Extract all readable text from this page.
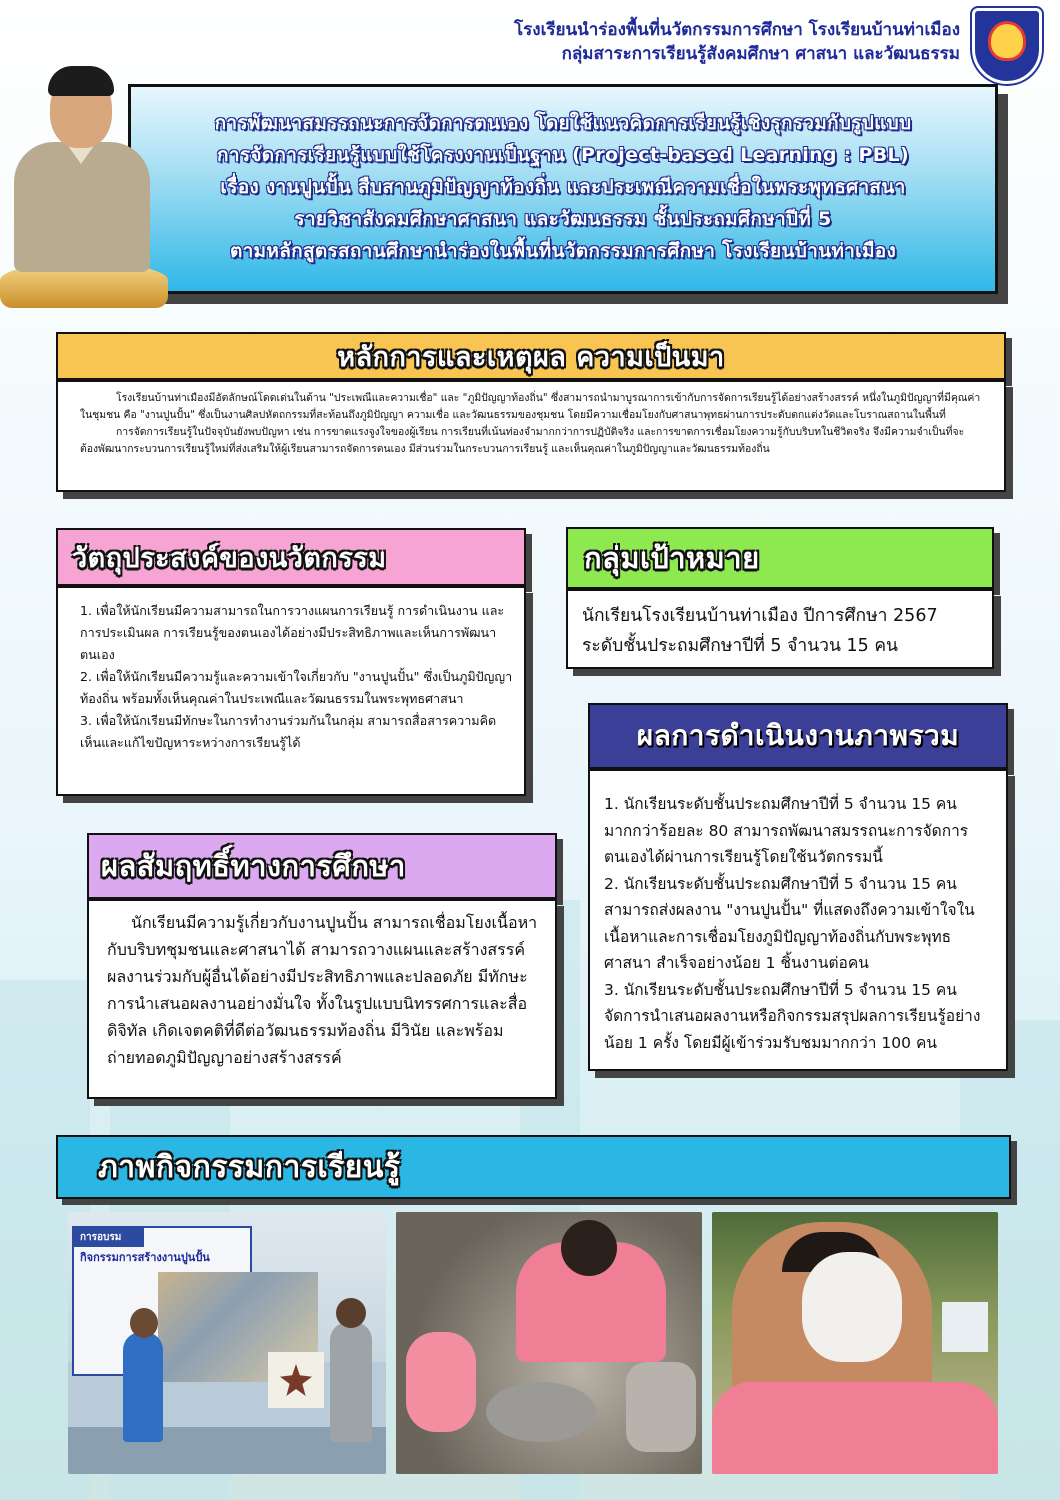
โรงเรียนนำร่องพื้นที่นวัตกรรมการศึกษา โรงเรียนบ้านท่าเมือง
กลุ่มสาระการเรียนรู้สังคมศึกษา ศาสนา และวัฒนธรรม
การพัฒนาสมรรถนะการจัดการตนเอง โดยใช้แนวคิดการเรียนรู้เชิงรุกรวมกับรูปแบบ
การจัดการเรียนรู้แบบใช้โครงงานเป็นฐาน (Project-based Learning : PBL)
เรื่อง งานปูนปั้น สืบสานภูมิปัญญาท้องถิ่น และประเพณีความเชื่อในพระพุทธศาสนา
รายวิชาสังคมศึกษาศาสนา และวัฒนธรรม ชั้นประถมศึกษาปีที่ 5
ตามหลักสูตรสถานศึกษานำร่องในพื้นที่นวัตกรรมการศึกษา โรงเรียนบ้านท่าเมือง
หลักการและเหตุผล ความเป็นมา

โรงเรียนบ้านท่าเมืองมีอัตลักษณ์โดดเด่นในด้าน "ประเพณีและความเชื่อ" และ "ภูมิปัญญาท้องถิ่น" ซึ่งสามารถนำมาบูรณาการเข้ากับการจัดการเรียนรู้ได้อย่างสร้างสรรค์ หนึ่งในภูมิปัญญาที่มีคุณค่าในชุมชน คือ "งานปูนปั้น" ซึ่งเป็นงานศิลปหัตถกรรมที่สะท้อนถึงภูมิปัญญา ความเชื่อ และวัฒนธรรมของชุมชน โดยมีความเชื่อมโยงกับศาสนาพุทธผ่านการประดับตกแต่งวัดและโบราณสถานในพื้นที่

การจัดการเรียนรู้ในปัจจุบันยังพบปัญหา เช่น การขาดแรงจูงใจของผู้เรียน การเรียนที่เน้นท่องจำมากกว่าการปฏิบัติจริง และการขาดการเชื่อมโยงความรู้กับบริบทในชีวิตจริง จึงมีความจำเป็นที่จะต้องพัฒนากระบวนการเรียนรู้ใหม่ที่ส่งเสริมให้ผู้เรียนสามารถจัดการตนเอง มีส่วนร่วมในกระบวนการเรียนรู้ และเห็นคุณค่าในภูมิปัญญาและวัฒนธรรมท้องถิ่น

วัตถุประสงค์ของนวัตกรรม

1. เพื่อให้นักเรียนมีความสามารถในการวางแผนการเรียนรู้ การดำเนินงาน และการประเมินผล การเรียนรู้ของตนเองได้อย่างมีประสิทธิภาพและเห็นการพัฒนาตนเอง

2. เพื่อให้นักเรียนมีความรู้และความเข้าใจเกี่ยวกับ "งานปูนปั้น" ซึ่งเป็นภูมิปัญญาท้องถิ่น พร้อมทั้งเห็นคุณค่าในประเพณีและวัฒนธรรมในพระพุทธศาสนา

3. เพื่อให้นักเรียนมีทักษะในการทำงานร่วมกันในกลุ่ม สามารถสื่อสารความคิดเห็นและแก้ไขปัญหาระหว่างการเรียนรู้ได้

กลุ่มเป้าหมาย
นักเรียนโรงเรียนบ้านท่าเมือง ปีการศึกษา 2567
ระดับชั้นประถมศึกษาปีที่ 5 จำนวน 15 คน
ผลการดำเนินงานภาพรวม

1. นักเรียนระดับชั้นประถมศึกษาปีที่ 5 จำนวน 15 คน มากกว่าร้อยละ 80 สามารถพัฒนาสมรรถนะการจัดการตนเองได้ผ่านการเรียนรู้โดยใช้นวัตกรรมนี้

2. นักเรียนระดับชั้นประถมศึกษาปีที่ 5 จำนวน 15 คน สามารถส่งผลงาน "งานปูนปั้น" ที่แสดงถึงความเข้าใจในเนื้อหาและการเชื่อมโยงภูมิปัญญาท้องถิ่นกับพระพุทธศาสนา สำเร็จอย่างน้อย 1 ชิ้นงานต่อคน

3. นักเรียนระดับชั้นประถมศึกษาปีที่ 5 จำนวน 15 คน จัดการนำเสนอผลงานหรือกิจกรรมสรุปผลการเรียนรู้อย่างน้อย 1 ครั้ง โดยมีผู้เข้าร่วมรับชมมากกว่า 100 คน

ผลสัมฤทธิ์ทางการศึกษา

นักเรียนมีความรู้เกี่ยวกับงานปูนปั้น สามารถเชื่อมโยงเนื้อหากับบริบทชุมชนและศาสนาได้ สามารถวางแผนและสร้างสรรค์ผลงานร่วมกับผู้อื่นได้อย่างมีประสิทธิภาพและปลอดภัย มีทักษะการนำเสนอผลงานอย่างมั่นใจ ทั้งในรูปแบบนิทรรศการและสื่อดิจิทัล เกิดเจตคติที่ดีต่อวัฒนธรรมท้องถิ่น มีวินัย และพร้อมถ่ายทอดภูมิปัญญาอย่างสร้างสรรค์

ภาพกิจกรรมการเรียนรู้
การอบรม
กิจกรรมการสร้างงานปูนปั้น
